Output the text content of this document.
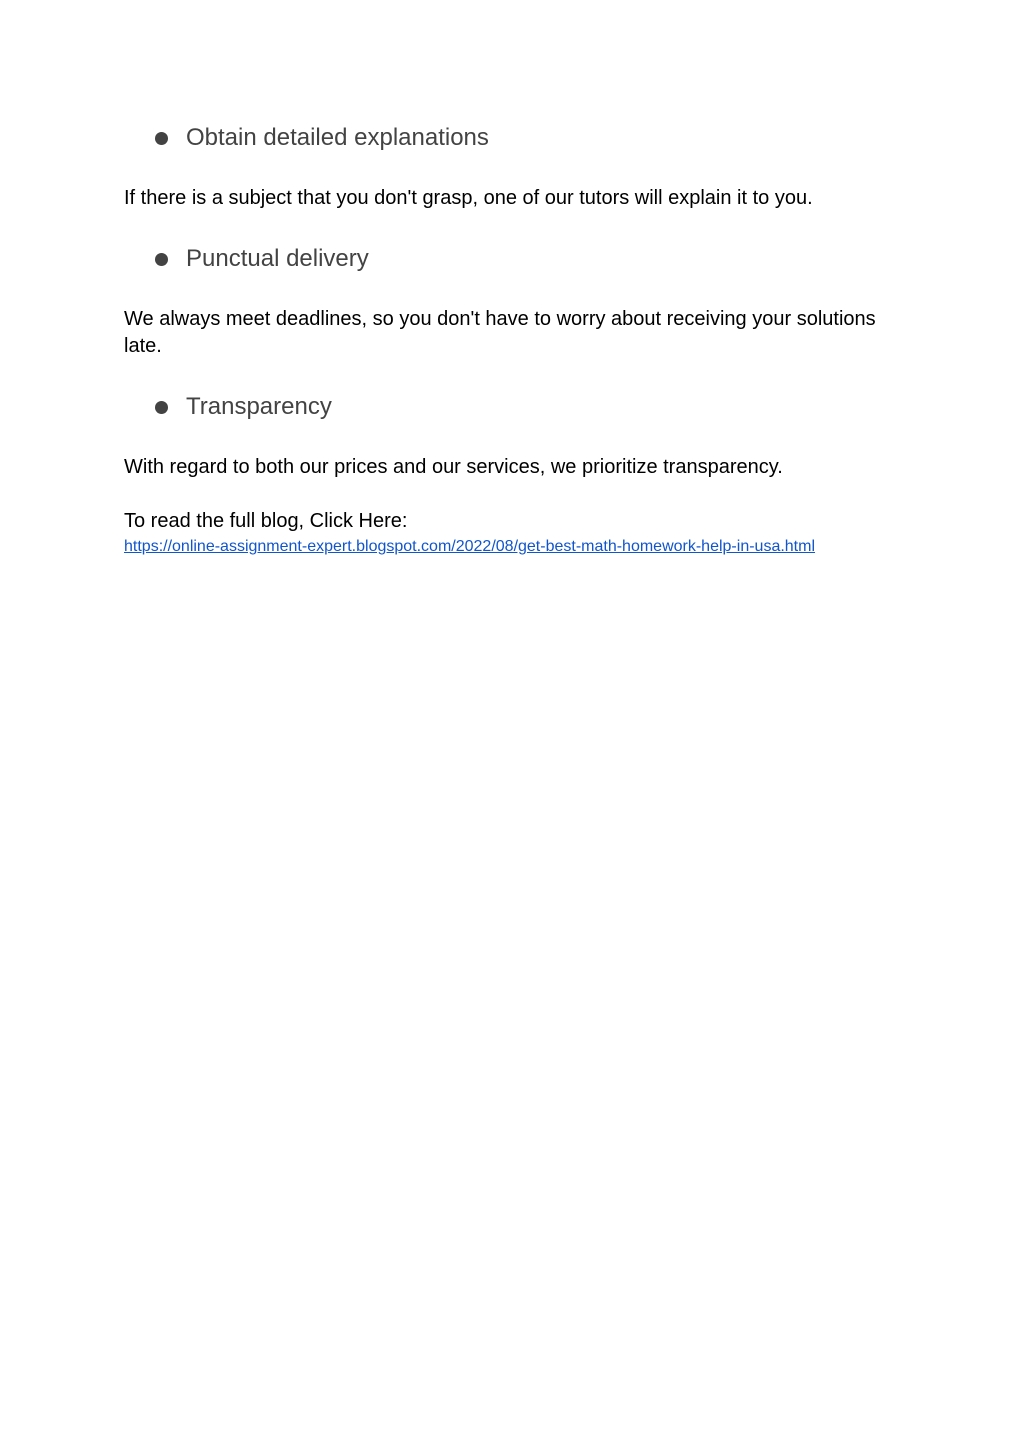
Obtain detailed explanations

If there is a subject that you don't grasp, one of our tutors will explain it to you.

Punctual delivery

We always meet deadlines, so you don't have to worry about receiving your solutions late.

Transparency

With regard to both our prices and our services, we prioritize transparency.

To read the full blog, Click Here:

https://online-assignment-expert.blogspot.com/2022/08/get-best-math-homework-help-in-usa.html
